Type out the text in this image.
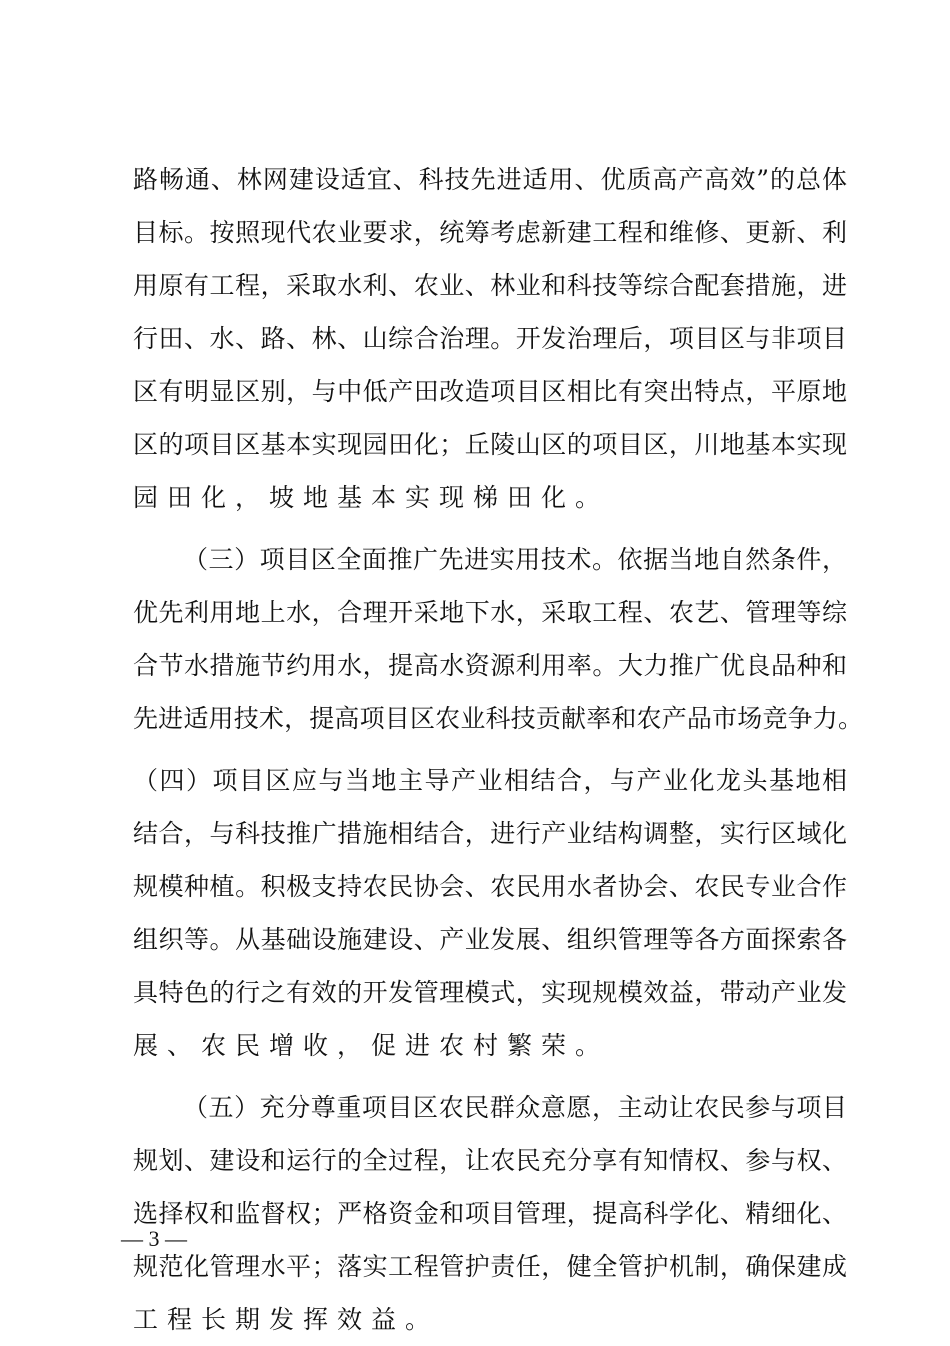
路畅通、林网建设适宜、科技先进适用、优质高产高效”的总体
目标。按照现代农业要求，统筹考虑新建工程和维修、更新、利
用原有工程，采取水利、农业、林业和科技等综合配套措施，进
行田、水、路、林、山综合治理。开发治理后，项目区与非项目
区有明显区别，与中低产田改造项目区相比有突出特点，平原地
区的项目区基本实现园田化；丘陵山区的项目区，川地基本实现
园田化，坡地基本实现梯田化。
（三）项目区全面推广先进实用技术。依据当地自然条件，
优先利用地上水，合理开采地下水，采取工程、农艺、管理等综
合节水措施节约用水，提高水资源利用率。大力推广优良品种和
先进适用技术，提高项目区农业科技贡献率和农产品市场竞争力。
（四）项目区应与当地主导产业相结合，与产业化龙头基地相
结合，与科技推广措施相结合，进行产业结构调整，实行区域化
规模种植。积极支持农民协会、农民用水者协会、农民专业合作
组织等。从基础设施建设、产业发展、组织管理等各方面探索各
具特色的行之有效的开发管理模式，实现规模效益，带动产业发
展、农民增收，促进农村繁荣。
（五）充分尊重项目区农民群众意愿，主动让农民参与项目
规划、建设和运行的全过程，让农民充分享有知情权、参与权、
选择权和监督权；严格资金和项目管理，提高科学化、精细化、
规范化管理水平；落实工程管护责任，健全管护机制，确保建成
工程长期发挥效益。
— 3 —
